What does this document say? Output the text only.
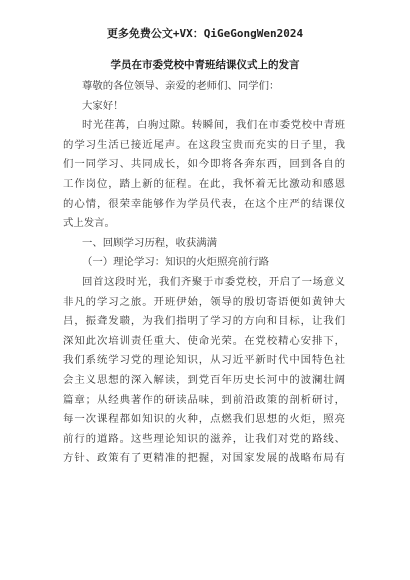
更多免费公文+VX：QiGeGongWen2024
学员在市委党校中青班结课仪式上的发言
尊敬的各位领导、亲爱的老师们、同学们：
大家好！
时光荏苒，白驹过隙。转瞬间，我们在市委党校中青班
的学习生活已接近尾声。在这段宝贵而充实的日子里，我
们一同学习、共同成长，如今即将各奔东西，回到各自的
工作岗位，踏上新的征程。在此，我怀着无比激动和感恩
的心情，很荣幸能够作为学员代表，在这个庄严的结课仪
式上发言。
一、回顾学习历程，收获满满
（一）理论学习：知识的火炬照亮前行路
回首这段时光，我们齐聚于市委党校，开启了一场意义
非凡的学习之旅。开班伊始，领导的殷切寄语便如黄钟大
吕，振聋发聩，为我们指明了学习的方向和目标，让我们
深知此次培训责任重大、使命光荣。在党校精心安排下，
我们系统学习党的理论知识，从习近平新时代中国特色社
会主义思想的深入解读，到党百年历史长河中的波澜壮阔
篇章；从经典著作的研读品味，到前沿政策的剖析研讨，
每一次课程都如知识的火种，点燃我们思想的火炬，照亮
前行的道路。这些理论知识的滋养，让我们对党的路线、
方针、政策有了更精准的把握，对国家发展的战略布局有
